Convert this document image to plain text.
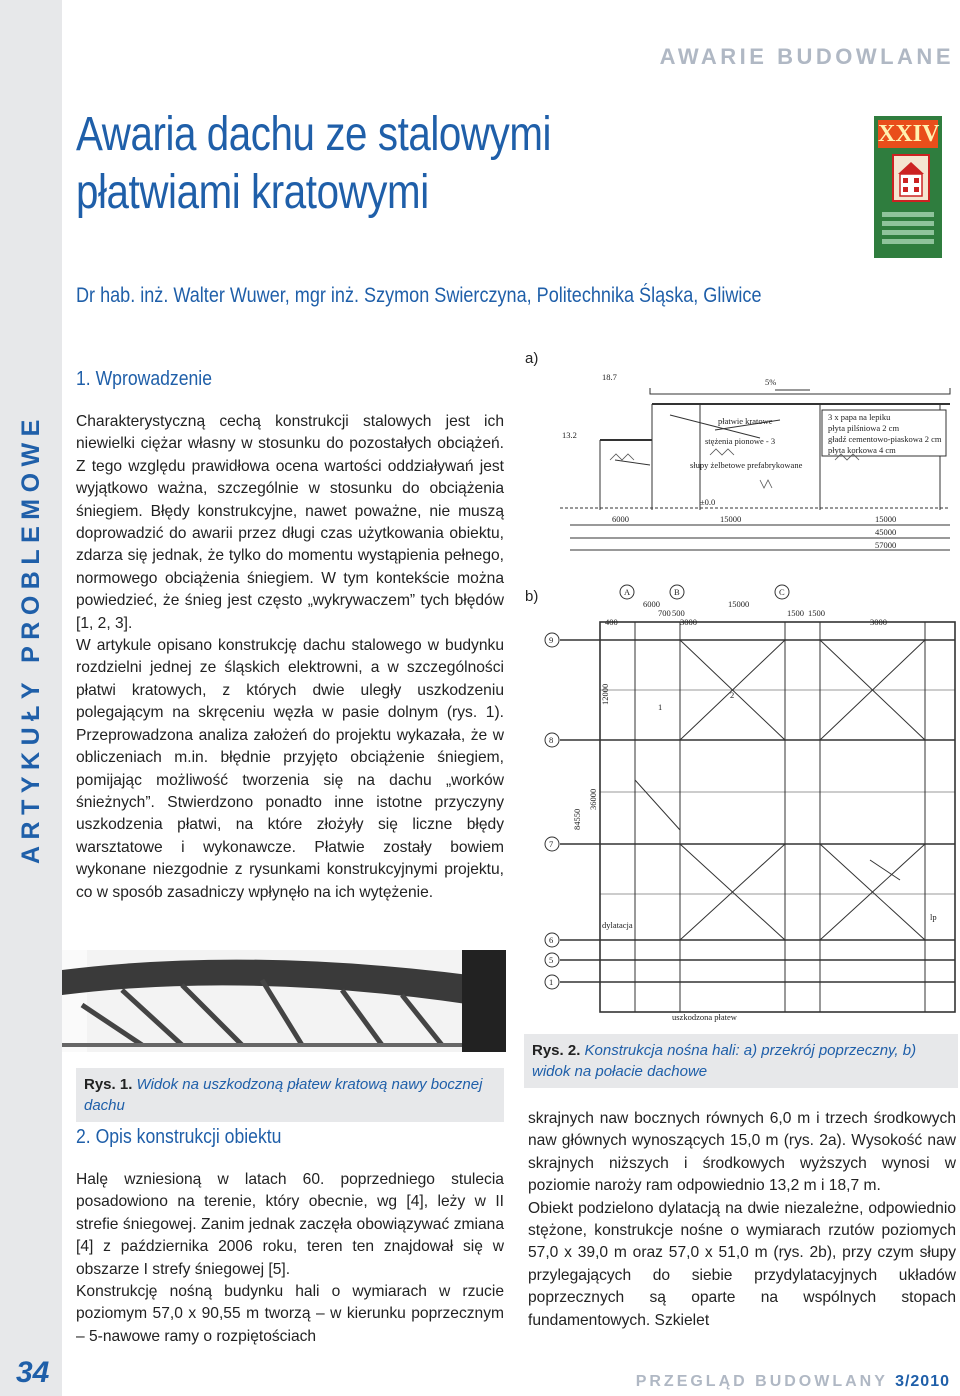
ARTYKUŁY PROBLEMOWE
34
AWARIE BUDOWLANE
Awaria dachu ze stalowymi
płatwiami kratowymi
XXIV
Dr hab. inż. Walter Wuwer, mgr inż. Szymon Swierczyna, Politechnika Śląska, Gliwice
1. Wprowadzenie

Charakterystyczną cechą konstrukcji stalowych jest ich niewielki ciężar własny w stosunku do pozostałych obciążeń. Z tego względu prawidłowa ocena wartości oddziaływań jest wyjątkowo ważna, szczególnie w stosunku do obciążenia śniegiem. Błędy konstrukcyjne, nawet poważne, nie muszą doprowadzić do awarii przez długi czas użytkowania obiektu, zdarza się jednak, że tylko do momentu wystąpienia pełnego, normowego obciążenia śniegiem. W tym kontekście można powiedzieć, że śnieg jest często „wykrywaczem” tych błędów [1, 2, 3].

W artykule opisano konstrukcję dachu stalowego w budynku rozdzielni jednej ze śląskich elektrowni, a w szczególności płatwi kratowych, z których dwie uległy uszkodzeniu polegającym na skręceniu węzła w pasie dolnym (rys. 1). Przeprowadzona analiza założeń do projektu wykazała, że w obliczeniach m.in. błędnie przyjęto obciążenie śniegiem, pomijając możliwość tworzenia się na dachu „worków śnieżnych”. Stwierdzono ponadto inne istotne przyczyny uszkodzenia płatwi, na które złożyły się liczne błędy warsztatowe i wykonawcze. Płatwie zostały bowiem wykonane niezgodnie z rysunkami konstrukcyjnymi projektu, co w sposób zasadniczy wpłynęło na ich wytężenie.

a)
b)
18.7
13.2
5%
±0.0
płatwie kratowe
stężenia pionowe - 3
słupy żelbetowe prefabrykowane
3 x papa na lepiku
płyta pilśniowa 2 cm
gładź cementowo-piaskowa 2 cm
płyta korkowa 4 cm
6000	15000	15000
45000
57000
A	B	C
9
8
7
6
5
1
6000	15000
700 500	1500 1500
400	3000	3000
1
2
12000
84550
36000
dylatacja
uszkodzona płatew
lp
Rys. 1. Widok na uszkodzoną płatew kratową nawy bocznej dachu
Rys. 2. Konstrukcja nośna hali: a) przekrój poprzeczny, b) widok na połacie dachowe
2. Opis konstrukcji obiektu

Halę wzniesioną w latach 60. poprzedniego stulecia posadowiono na terenie, który obecnie, wg [4], leży w II strefie śniegowej. Zanim jednak zaczęła obowiązywać zmiana [4] z października 2006 roku, teren ten znajdował się w obszarze I strefy śniegowej [5].

Konstrukcję nośną budynku hali o wymiarach w rzucie poziomym 57,0 x 90,55 m tworzą – w kierunku poprzecznym – 5-nawowe ramy o rozpiętościach

skrajnych naw bocznych równych 6,0 m i trzech środkowych naw głównych wynoszących 15,0 m (rys. 2a). Wysokość naw skrajnych niższych i środkowych wyższych wynosi w poziomie naroży ram odpowiednio 13,2 m i 18,7 m.

Obiekt podzielono dylatacją na dwie niezależne, odpowiednio stężone, konstrukcje nośne o wymiarach rzutów poziomych 57,0 x 39,0 m oraz 57,0 x 51,0 m (rys. 2b), przy czym słupy przylegających do siebie przydylatacyjnych układów poprzecznych są oparte na wspólnych stopach fundamentowych. Szkielet

PRZEGLĄD BUDOWLANY 3/2010
